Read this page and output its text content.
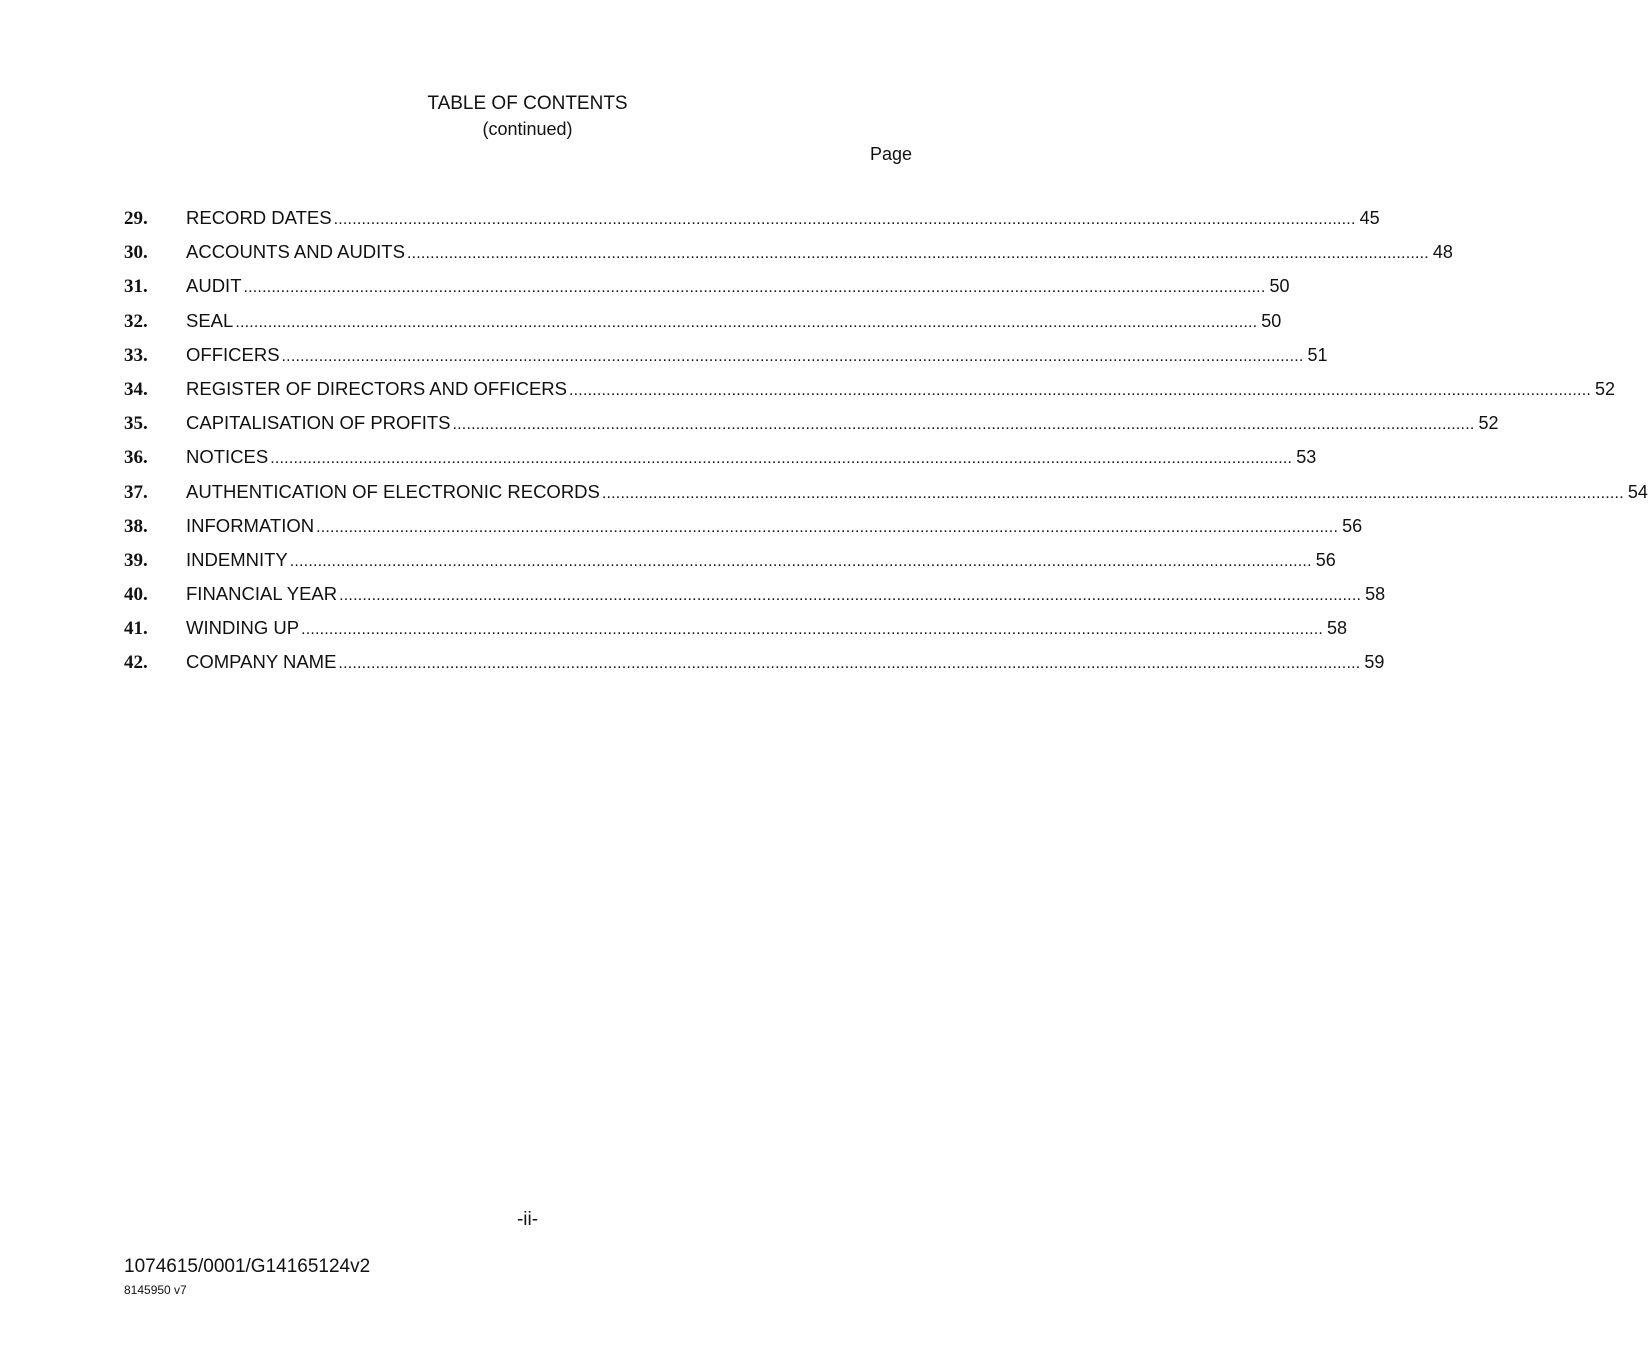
TABLE OF CONTENTS
(continued)
Page
29.	RECORD DATES ............................................................................................................................................................................................................................ 45
30.	ACCOUNTS AND AUDITS ............................................................................................................................................................................................................................ 48
31.	AUDIT ............................................................................................................................................................................................................................ 50
32.	SEAL ............................................................................................................................................................................................................................ 50
33.	OFFICERS ............................................................................................................................................................................................................................ 51
34.	REGISTER OF DIRECTORS AND OFFICERS ............................................................................................................................................................................................................................ 52
35.	CAPITALISATION OF PROFITS ............................................................................................................................................................................................................................ 52
36.	NOTICES ............................................................................................................................................................................................................................ 53
37.	AUTHENTICATION OF ELECTRONIC RECORDS ............................................................................................................................................................................................................................ 54
38.	INFORMATION ............................................................................................................................................................................................................................ 56
39.	INDEMNITY ............................................................................................................................................................................................................................ 56
40.	FINANCIAL YEAR ............................................................................................................................................................................................................................ 58
41.	WINDING UP ............................................................................................................................................................................................................................ 58
42.	COMPANY NAME ............................................................................................................................................................................................................................ 59
-ii-
1074615/0001/G14165124v2
8145950 v7
